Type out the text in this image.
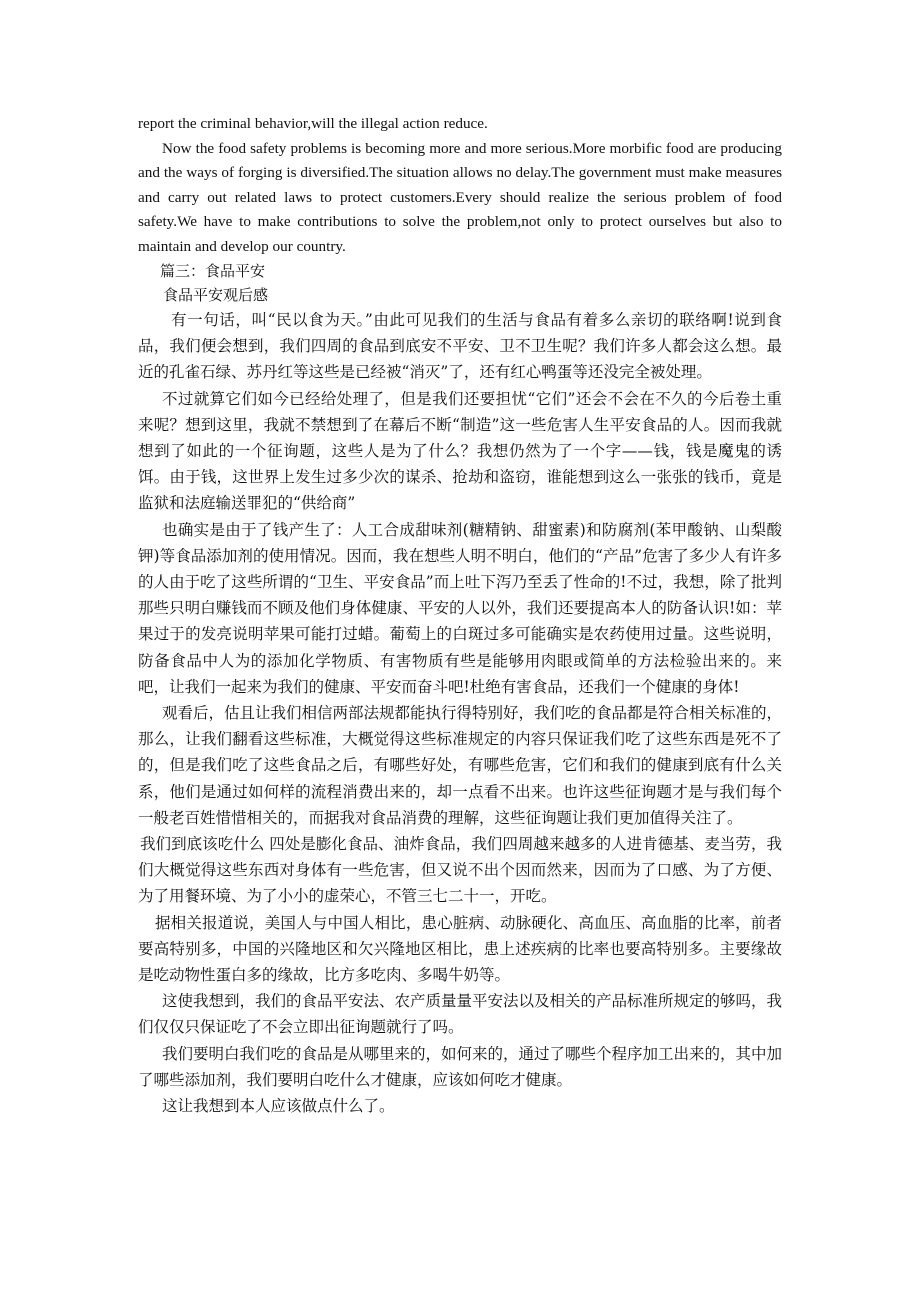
report the criminal behavior,will the illegal action reduce.

Now the food safety problems is becoming more and more serious.More morbific food are producing and the ways of forging is diversified.The situation allows no delay.The government must make measures and carry out related laws to protect customers.Every should realize the serious problem of food safety.We have to make contributions to solve the problem,not only to protect ourselves but also to maintain and develop our country.

篇三：食品平安

食品平安观后感

有一句话，叫“民以食为天。”由此可见我们的生活与食品有着多么亲切的联络啊!说到食品，我们便会想到，我们四周的食品到底安不平安、卫不卫生呢？我们许多人都会这么想。最近的孔雀石绿、苏丹红等这些是已经被“消灭”了，还有红心鸭蛋等还没完全被处理。

不过就算它们如今已经给处理了，但是我们还要担忧“它们”还会不会在不久的今后卷土重来呢？想到这里，我就不禁想到了在幕后不断“制造”这一些危害人生平安食品的人。因而我就想到了如此的一个征询题，这些人是为了什么？我想仍然为了一个字——钱，钱是魔鬼的诱饵。由于钱，这世界上发生过多少次的谋杀、抢劫和盗窃，谁能想到这么一张张的钱币，竟是监狱和法庭输送罪犯的“供给商”

也确实是由于了钱产生了：人工合成甜味剂(糖精钠、甜蜜素)和防腐剂(苯甲酸钠、山梨酸钾)等食品添加剂的使用情况。因而，我在想些人明不明白，他们的“产品”危害了多少人有许多的人由于吃了这些所谓的“卫生、平安食品”而上吐下泻乃至丢了性命的!不过，我想，除了批判那些只明白赚钱而不顾及他们身体健康、平安的人以外，我们还要提高本人的防备认识!如：苹果过于的发亮说明苹果可能打过蜡。葡萄上的白斑过多可能确实是农药使用过量。这些说明，防备食品中人为的添加化学物质、有害物质有些是能够用肉眼或简单的方法检验出来的。来吧，让我们一起来为我们的健康、平安而奋斗吧!杜绝有害食品，还我们一个健康的身体!

观看后，估且让我们相信两部法规都能执行得特别好，我们吃的食品都是符合相关标准的，那么，让我们翻看这些标准，大概觉得这些标准规定的内容只保证我们吃了这些东西是死不了的，但是我们吃了这些食品之后，有哪些好处，有哪些危害，它们和我们的健康到底有什么关系，他们是通过如何样的流程消费出来的，却一点看不出来。也许这些征询题才是与我们每个一般老百姓惜惜相关的，而据我对食品消费的理解，这些征询题让我们更加值得关注了。

我们到底该吃什么 四处是膨化食品、油炸食品，我们四周越来越多的人进肯德基、麦当劳，我们大概觉得这些东西对身体有一些危害，但又说不出个因而然来，因而为了口感、为了方便、为了用餐环境、为了小小的虚荣心，不管三七二十一，开吃。

据相关报道说，美国人与中国人相比，患心脏病、动脉硬化、高血压、高血脂的比率，前者要高特别多，中国的兴隆地区和欠兴隆地区相比，患上述疾病的比率也要高特别多。主要缘故是吃动物性蛋白多的缘故，比方多吃肉、多喝牛奶等。

这使我想到，我们的食品平安法、农产质量量平安法以及相关的产品标准所规定的够吗，我们仅仅只保证吃了不会立即出征询题就行了吗。

我们要明白我们吃的食品是从哪里来的，如何来的，通过了哪些个程序加工出来的，其中加了哪些添加剂，我们要明白吃什么才健康，应该如何吃才健康。

这让我想到本人应该做点什么了。
